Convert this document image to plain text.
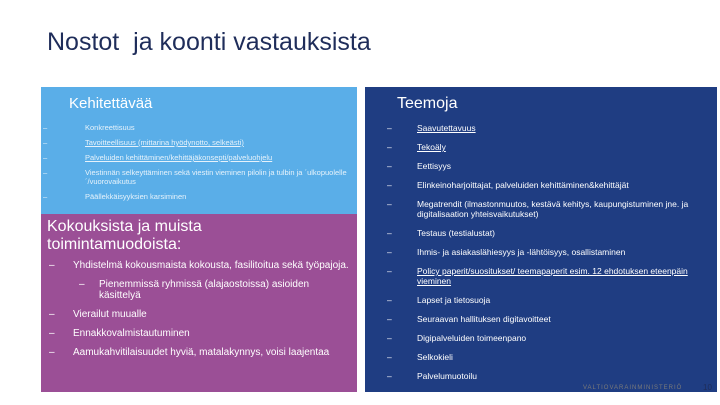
Nostot  ja koonti vastauksista
Kehitettävää
–	Konkreettisuus
–	Tavoitteellisuus (mittarina hyödynotto, selkeästi)
–	Palveluiden kehittäminen/kehittäjäkonsepti/palveluohjelu
–	Viestinnän selkeyttäminen sekä viestin vieminen pilolin ja tulbin ja ´ulkopuolelle´/vuorovaikutus
–	Päällekkäisyyksien karsiminen
Kokouksista ja muista toimintamuodoista:
– Yhdistelmä kokousmaista kokousta, fasilitoitua sekä työpajoja.
– Pienemmissä ryhmissä (alajaostoissa) asioiden käsittelyä
– Vierailut muualle
– Ennakkovalmistautuminen
– Aamukahvitilaisuudet hyviä, matalakynnys, voisi laajentaa
Teemoja
–	Saavutettavuus
–	Tekoäly
–	Eettisyys
–	Elinkeinoharjoittajat, palveluiden kehittäminen&kehittäjät
–	Megatrendit (ilmastonmuutos, kestävä kehitys, kaupungistuminen jne. ja digitalisaation yhteisvaikutukset)
–	Testaus (testialustat)
–	Ihmis- ja asiakaslähiesyys ja -lähtöisyys, osallistaminen
–	Policy paperit/suositukset/ teemapaperit esim. 12 ehdotuksen eteenpäin vieminen
–	Lapset ja tietosuoja
–	Seuraavan hallituksen digitavoitteet
–	Digipalveluiden toimeenpano
–	Selkokieli
–	Palvelumuotoilu
VALTIOVARAINMINISTERIÖ	10
